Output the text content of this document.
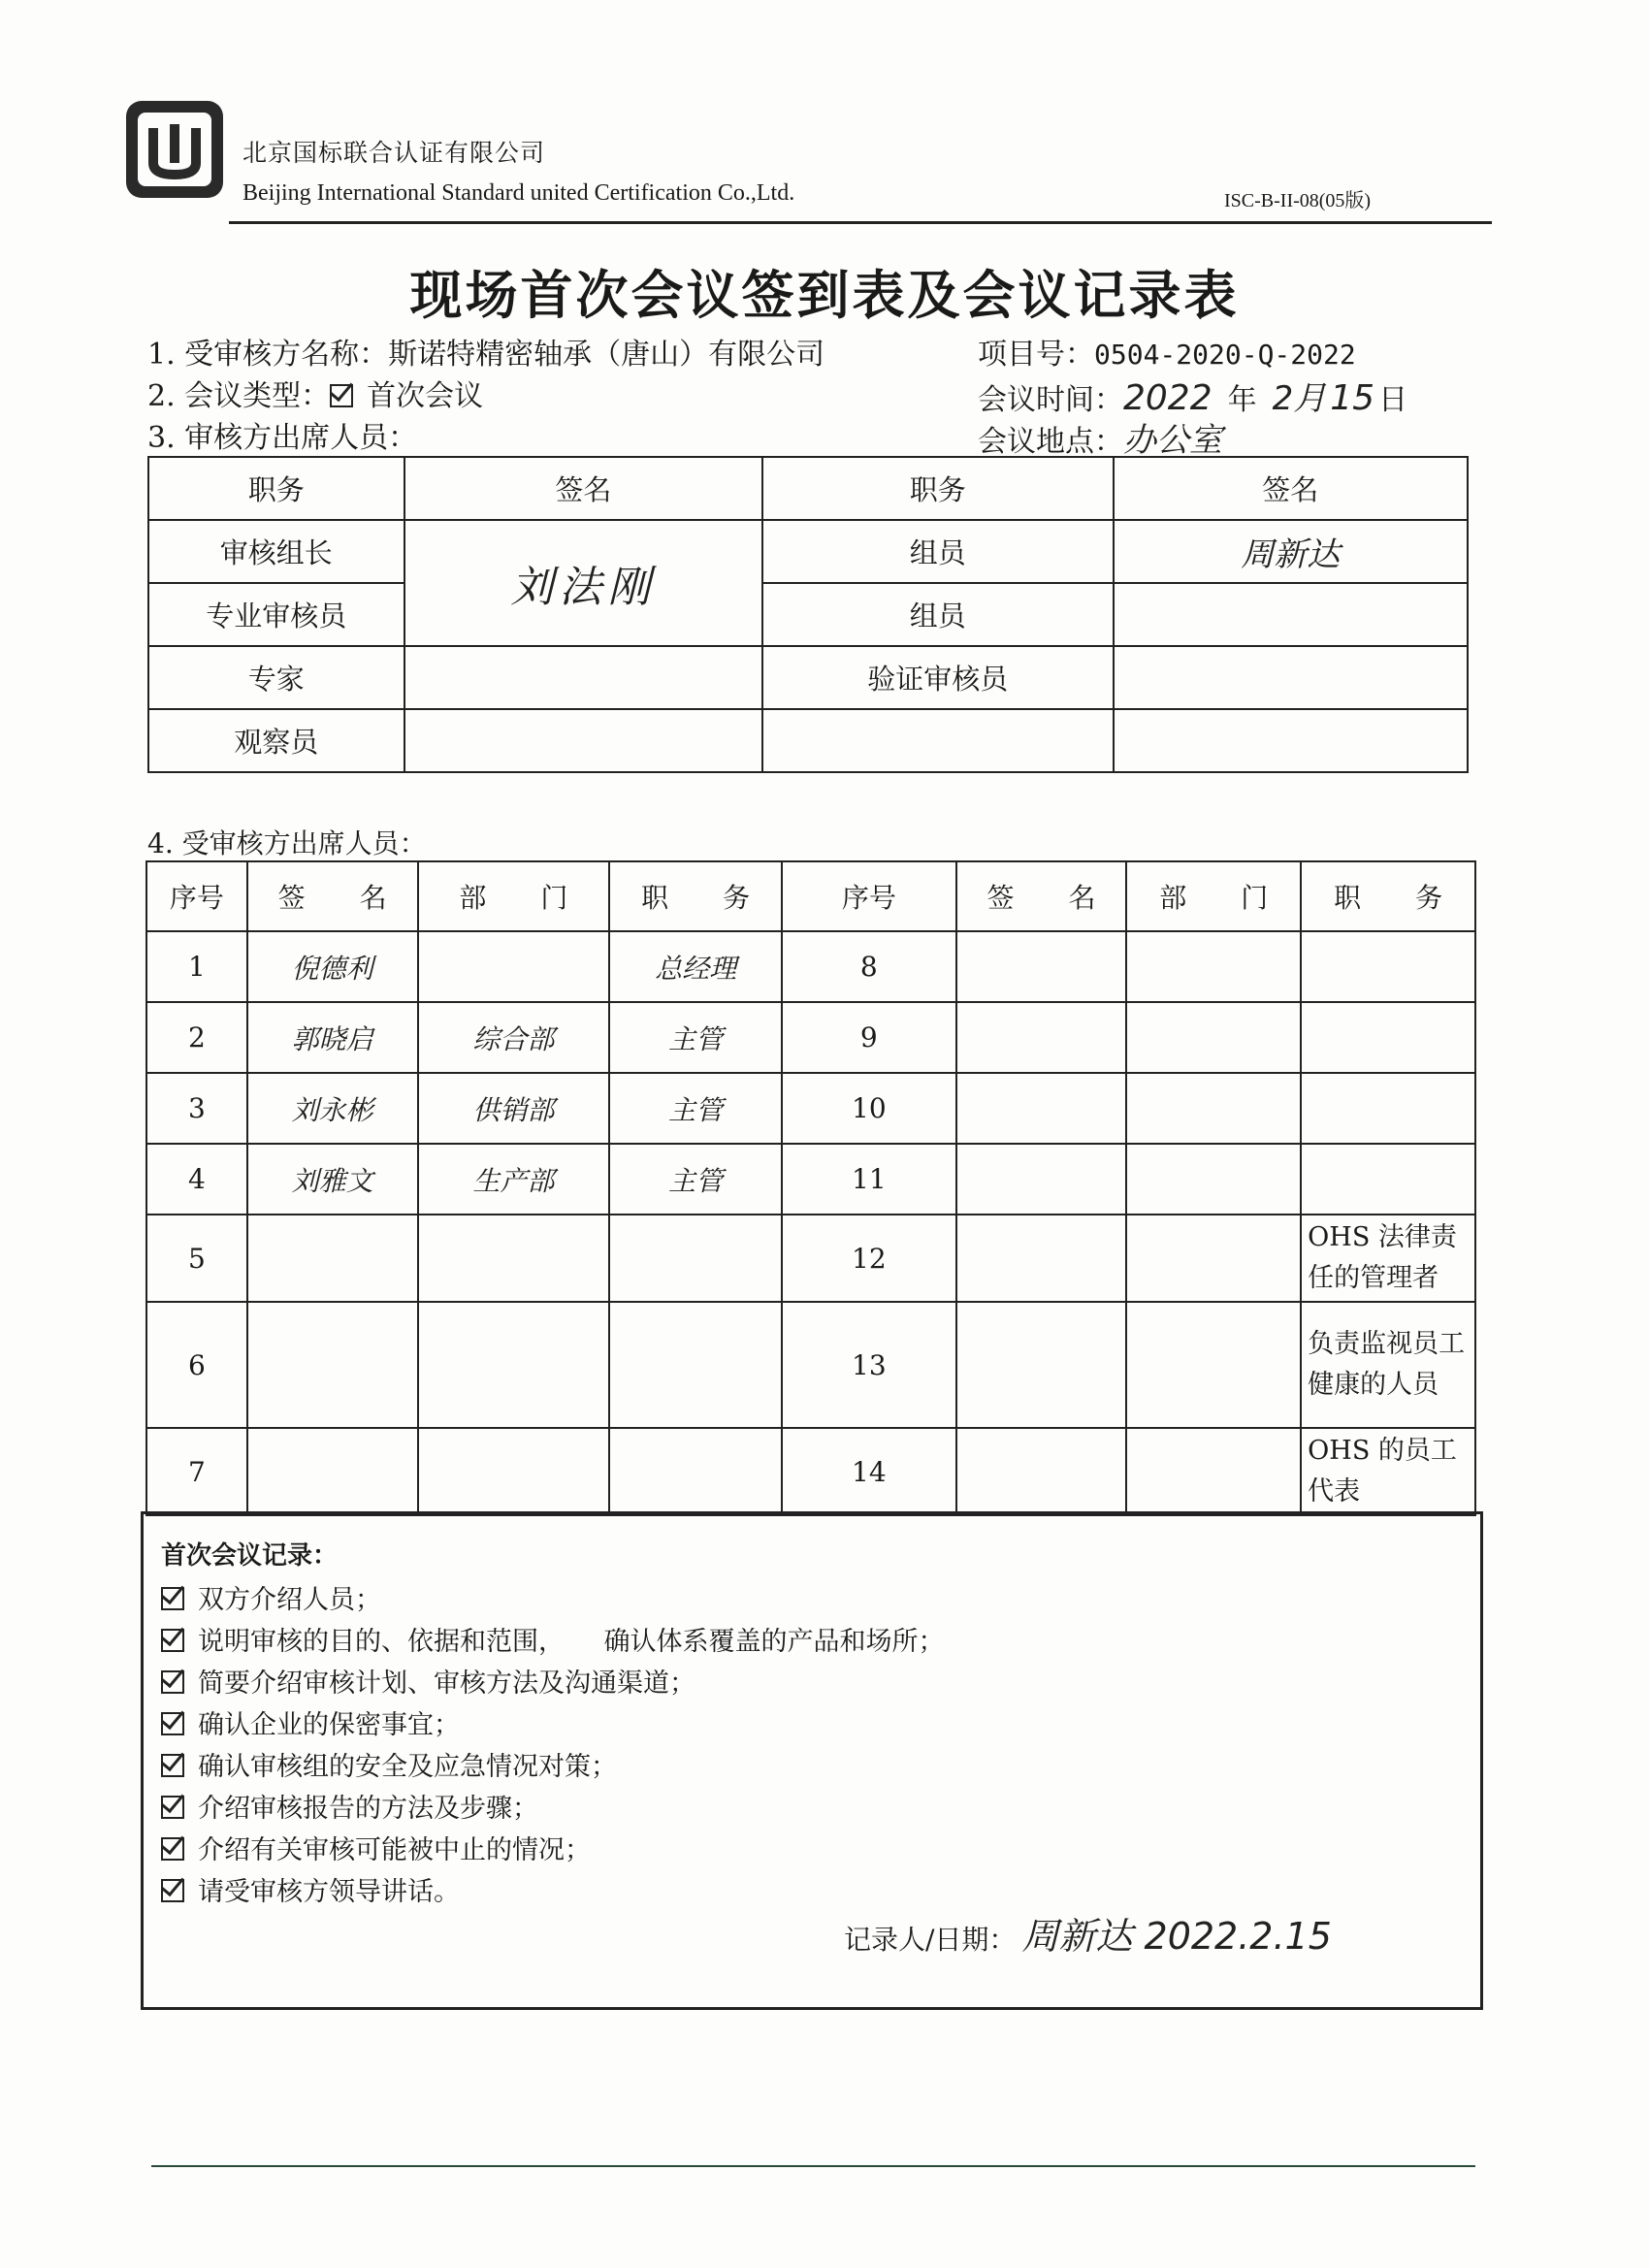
北京国标联合认证有限公司
Beijing International Standard united Certification Co.,Ltd.	ISC-B-II-08(05版)
现场首次会议签到表及会议记录表
1. 受审核方名称：斯诺特精密轴承（唐山）有限公司	项目号：0504-2020-Q-2022
2. 会议类型： 首次会议	会议时间：2022 年 2月 15 日
3. 审核方出席人员：	会议地点：办公室
职务	签名	职务	签名
审核组长	刘法刚	组员	周新达
专业审核员		组员	
专家		验证审核员	
观察员			
4. 受审核方出席人员：
序号	签　　名	部　　门	职　　务	序号	签　　名	部　　门	职　　务
1	倪德利		总经理	8			
2	郭晓启	综合部	主管	9			
3	刘永彬	供销部	主管	10			
4	刘雅文	生产部	主管	11			
5				12			OHS 法律责任的管理者
6				13			负责监视员工健康的人员
7				14			OHS 的员工代表
首次会议记录：
双方介绍人员；
说明审核的目的、依据和范围，　　确认体系覆盖的产品和场所；
简要介绍审核计划、审核方法及沟通渠道；
确认企业的保密事宜；
确认审核组的安全及应急情况对策；
介绍审核报告的方法及步骤；
介绍有关审核可能被中止的情况；
请受审核方领导讲话。
记录人/日期： 周新达 2022.2.15
